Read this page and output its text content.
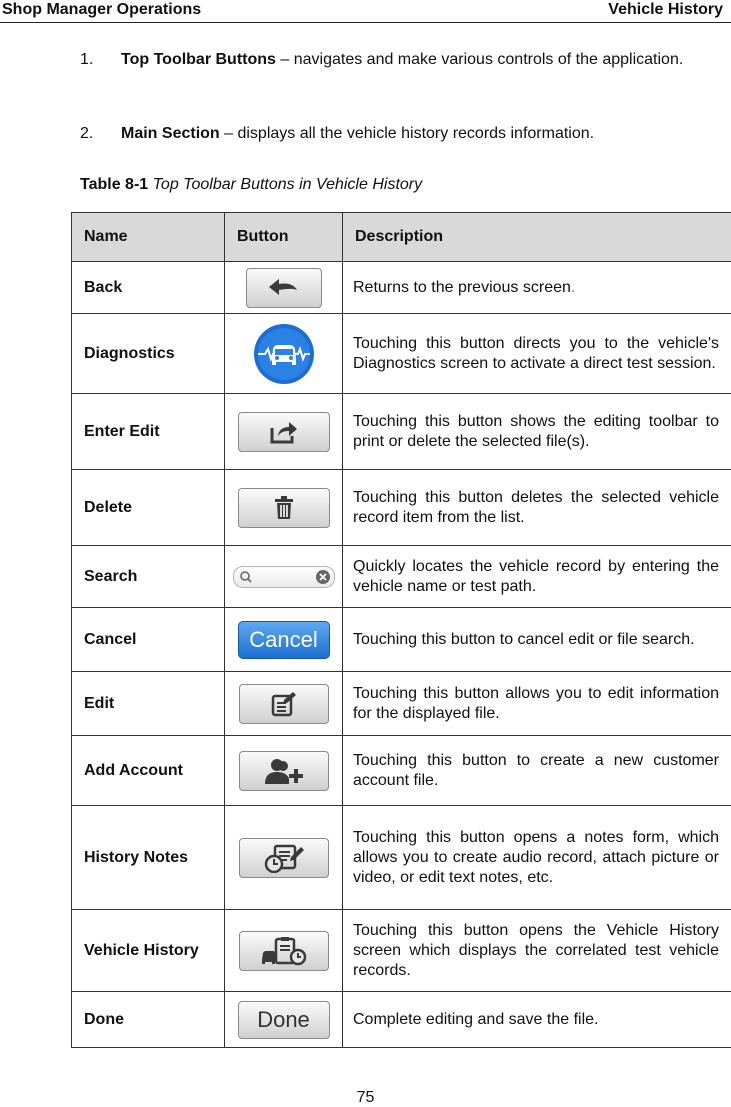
Shop Manager Operations	Vehicle History
1.	Top Toolbar Buttons – navigates and make various controls of the application.
2.	Main Section – displays all the vehicle history records information.
Table 8-1 Top Toolbar Buttons in Vehicle History
Name	Button	Description
Back		Returns to the previous screen.
Diagnostics		Touching this button directs you to the vehicle's Diagnostics screen to activate a direct test session.
Enter Edit		Touching this button shows the editing toolbar to print or delete the selected file(s).
Delete		Touching this button deletes the selected vehicle record item from the list.
Search		Quickly locates the vehicle record by entering the vehicle name or test path.
Cancel	Cancel	Touching this button to cancel edit or file search.
Edit		Touching this button allows you to edit information for the displayed file.
Add Account		Touching this button to create a new customer account file.
History Notes		Touching this button opens a notes form, which allows you to create audio record, attach picture or video, or edit text notes, etc.
Vehicle History		Touching this button opens the Vehicle History screen which displays the correlated test vehicle records.
Done	Done	Complete editing and save the file.
75
